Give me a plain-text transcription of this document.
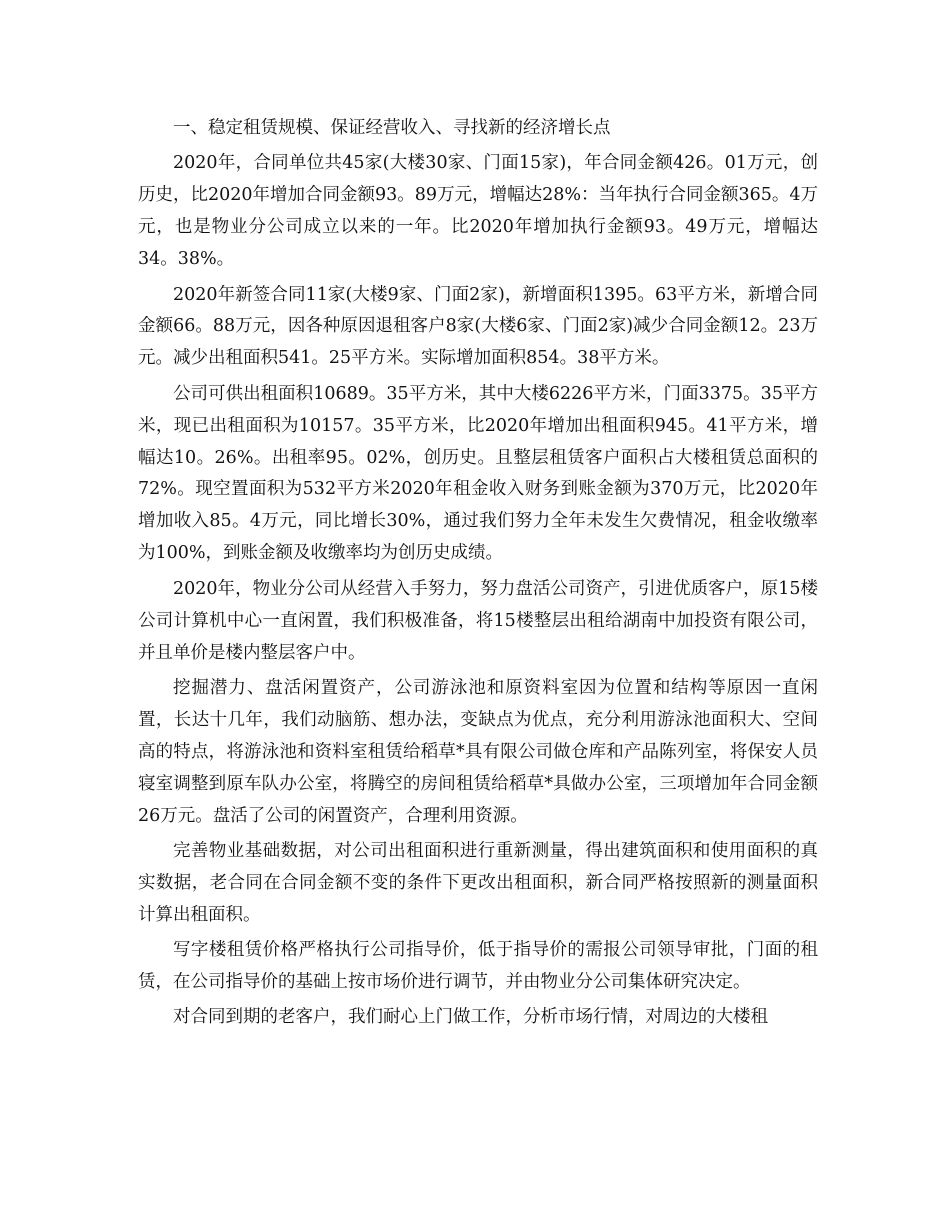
一、稳定租赁规模、保证经营收入、寻找新的经济增长点

2020年，合同单位共45家(大楼30家、门面15家)，年合同金额426。01万元，创历史，比2020年增加合同金额93。89万元，增幅达28%：当年执行合同金额365。4万元，也是物业分公司成立以来的一年。比2020年增加执行金额93。49万元，增幅达34。38%。

2020年新签合同11家(大楼9家、门面2家)，新增面积1395。63平方米，新增合同金额66。88万元，因各种原因退租客户8家(大楼6家、门面2家)减少合同金额12。23万元。减少出租面积541。25平方米。实际增加面积854。38平方米。

公司可供出租面积10689。35平方米，其中大楼6226平方米，门面3375。35平方米，现已出租面积为10157。35平方米，比2020年增加出租面积945。41平方米，增幅达10。26%。出租率95。02%，创历史。且整层租赁客户面积占大楼租赁总面积的72%。现空置面积为532平方米2020年租金收入财务到账金额为370万元，比2020年增加收入85。4万元，同比增长30%，通过我们努力全年未发生欠费情况，租金收缴率为100%，到账金额及收缴率均为创历史成绩。

2020年，物业分公司从经营入手努力，努力盘活公司资产，引进优质客户，原15楼公司计算机中心一直闲置，我们积极准备，将15楼整层出租给湖南中加投资有限公司，并且单价是楼内整层客户中。

挖掘潜力、盘活闲置资产，公司游泳池和原资料室因为位置和结构等原因一直闲置，长达十几年，我们动脑筋、想办法，变缺点为优点，充分利用游泳池面积大、空间高的特点，将游泳池和资料室租赁给稻草*具有限公司做仓库和产品陈列室，将保安人员寝室调整到原车队办公室，将腾空的房间租赁给稻草*具做办公室，三项增加年合同金额26万元。盘活了公司的闲置资产，合理利用资源。

完善物业基础数据，对公司出租面积进行重新测量，得出建筑面积和使用面积的真实数据，老合同在合同金额不变的条件下更改出租面积，新合同严格按照新的测量面积计算出租面积。

写字楼租赁价格严格执行公司指导价，低于指导价的需报公司领导审批，门面的租赁，在公司指导价的基础上按市场价进行调节，并由物业分公司集体研究决定。

对合同到期的老客户，我们耐心上门做工作，分析市场行情，对周边的大楼租
